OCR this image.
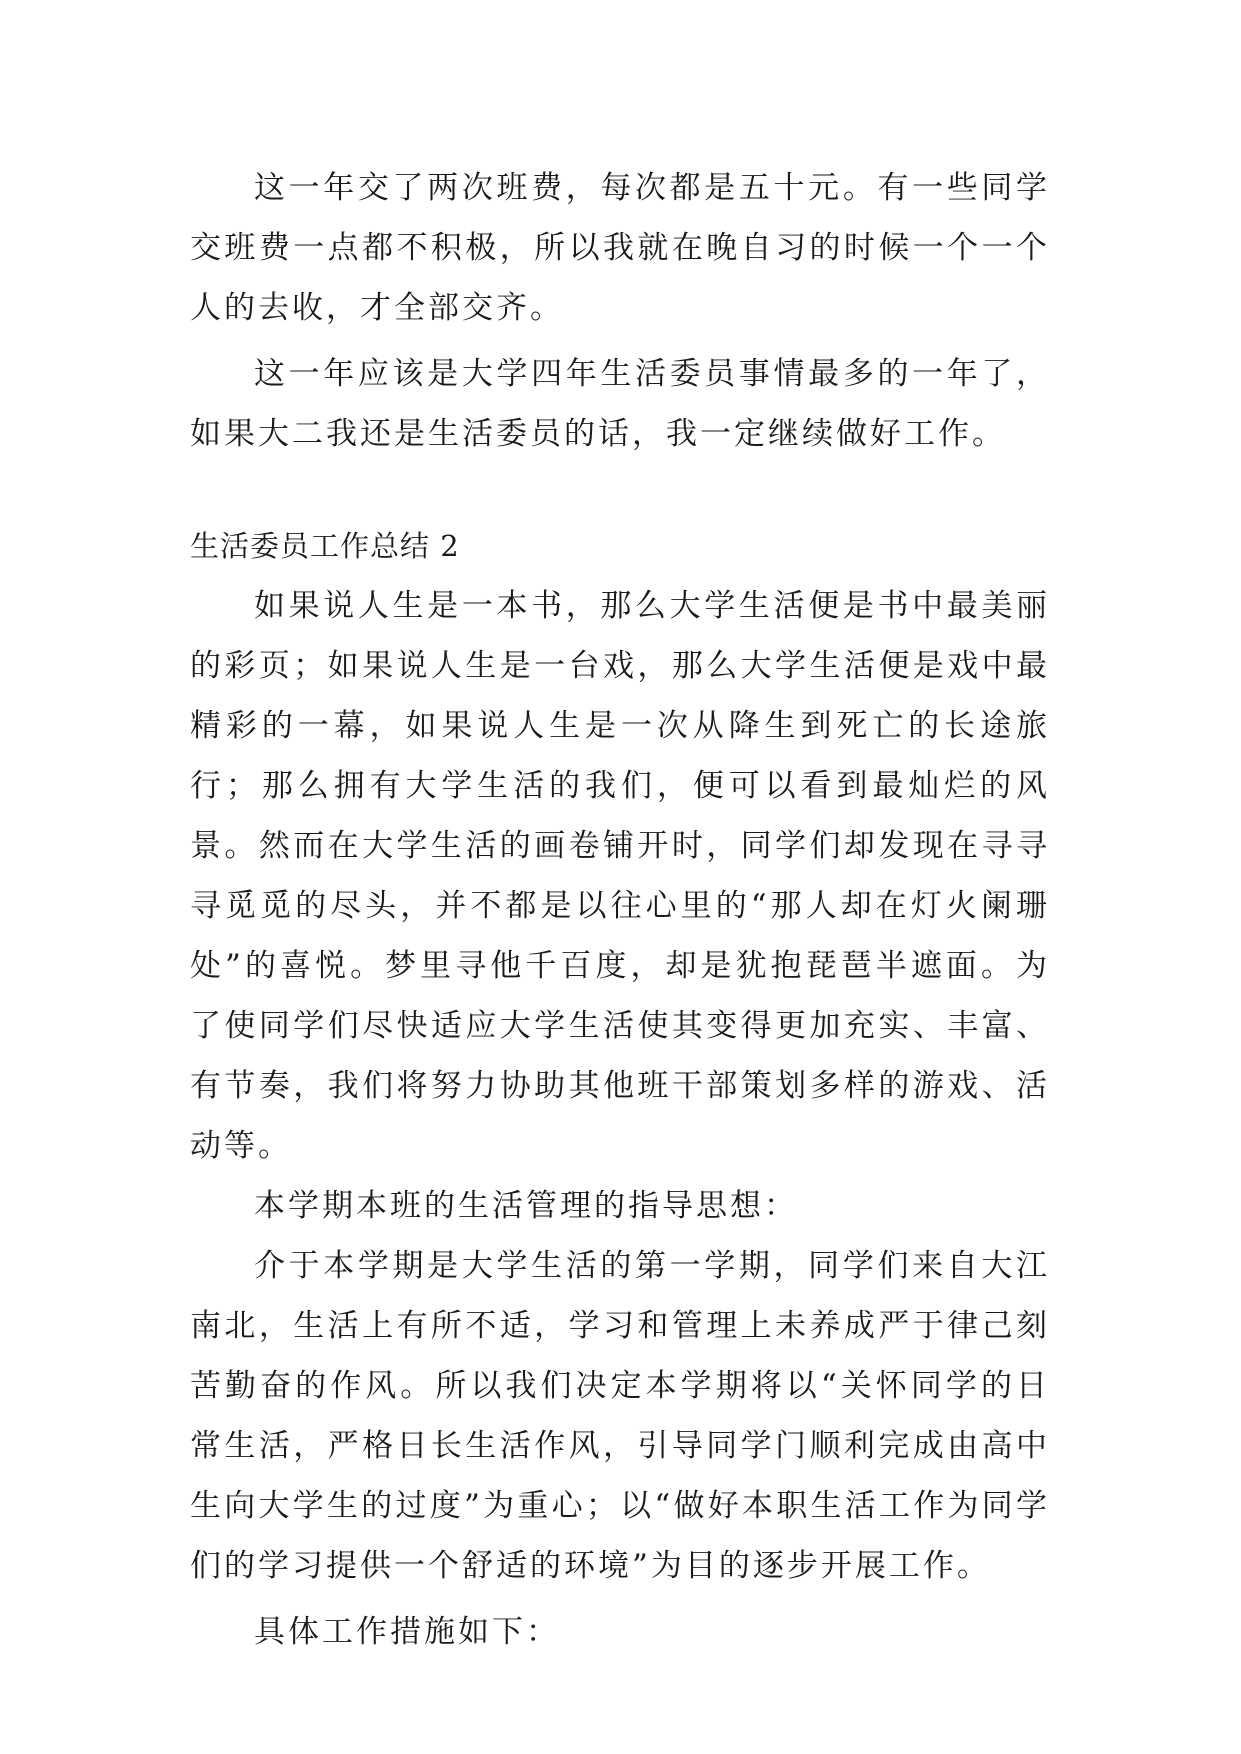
这一年交了两次班费，每次都是五十元。有一些同学交班费一点都不积极，所以我就在晚自习的时候一个一个人的去收，才全部交齐。

这一年应该是大学四年生活委员事情最多的一年了，如果大二我还是生活委员的话，我一定继续做好工作。

生活委员工作总结 2

如果说人生是一本书，那么大学生活便是书中最美丽的彩页；如果说人生是一台戏，那么大学生活便是戏中最精彩的一幕，如果说人生是一次从降生到死亡的长途旅行；那么拥有大学生活的我们，便可以看到最灿烂的风景。然而在大学生活的画卷铺开时，同学们却发现在寻寻寻觅觅的尽头，并不都是以往心里的“那人却在灯火阑珊处”的喜悦。梦里寻他千百度，却是犹抱琵琶半遮面。为了使同学们尽快适应大学生活使其变得更加充实、丰富、有节奏，我们将努力协助其他班干部策划多样的游戏、活动等。

本学期本班的生活管理的指导思想：

介于本学期是大学生活的第一学期，同学们来自大江南北，生活上有所不适，学习和管理上未养成严于律己刻苦勤奋的作风。所以我们决定本学期将以“关怀同学的日常生活，严格日长生活作风，引导同学门顺利完成由高中生向大学生的过度”为重心；以“做好本职生活工作为同学们的学习提供一个舒适的环境”为目的逐步开展工作。

具体工作措施如下：
